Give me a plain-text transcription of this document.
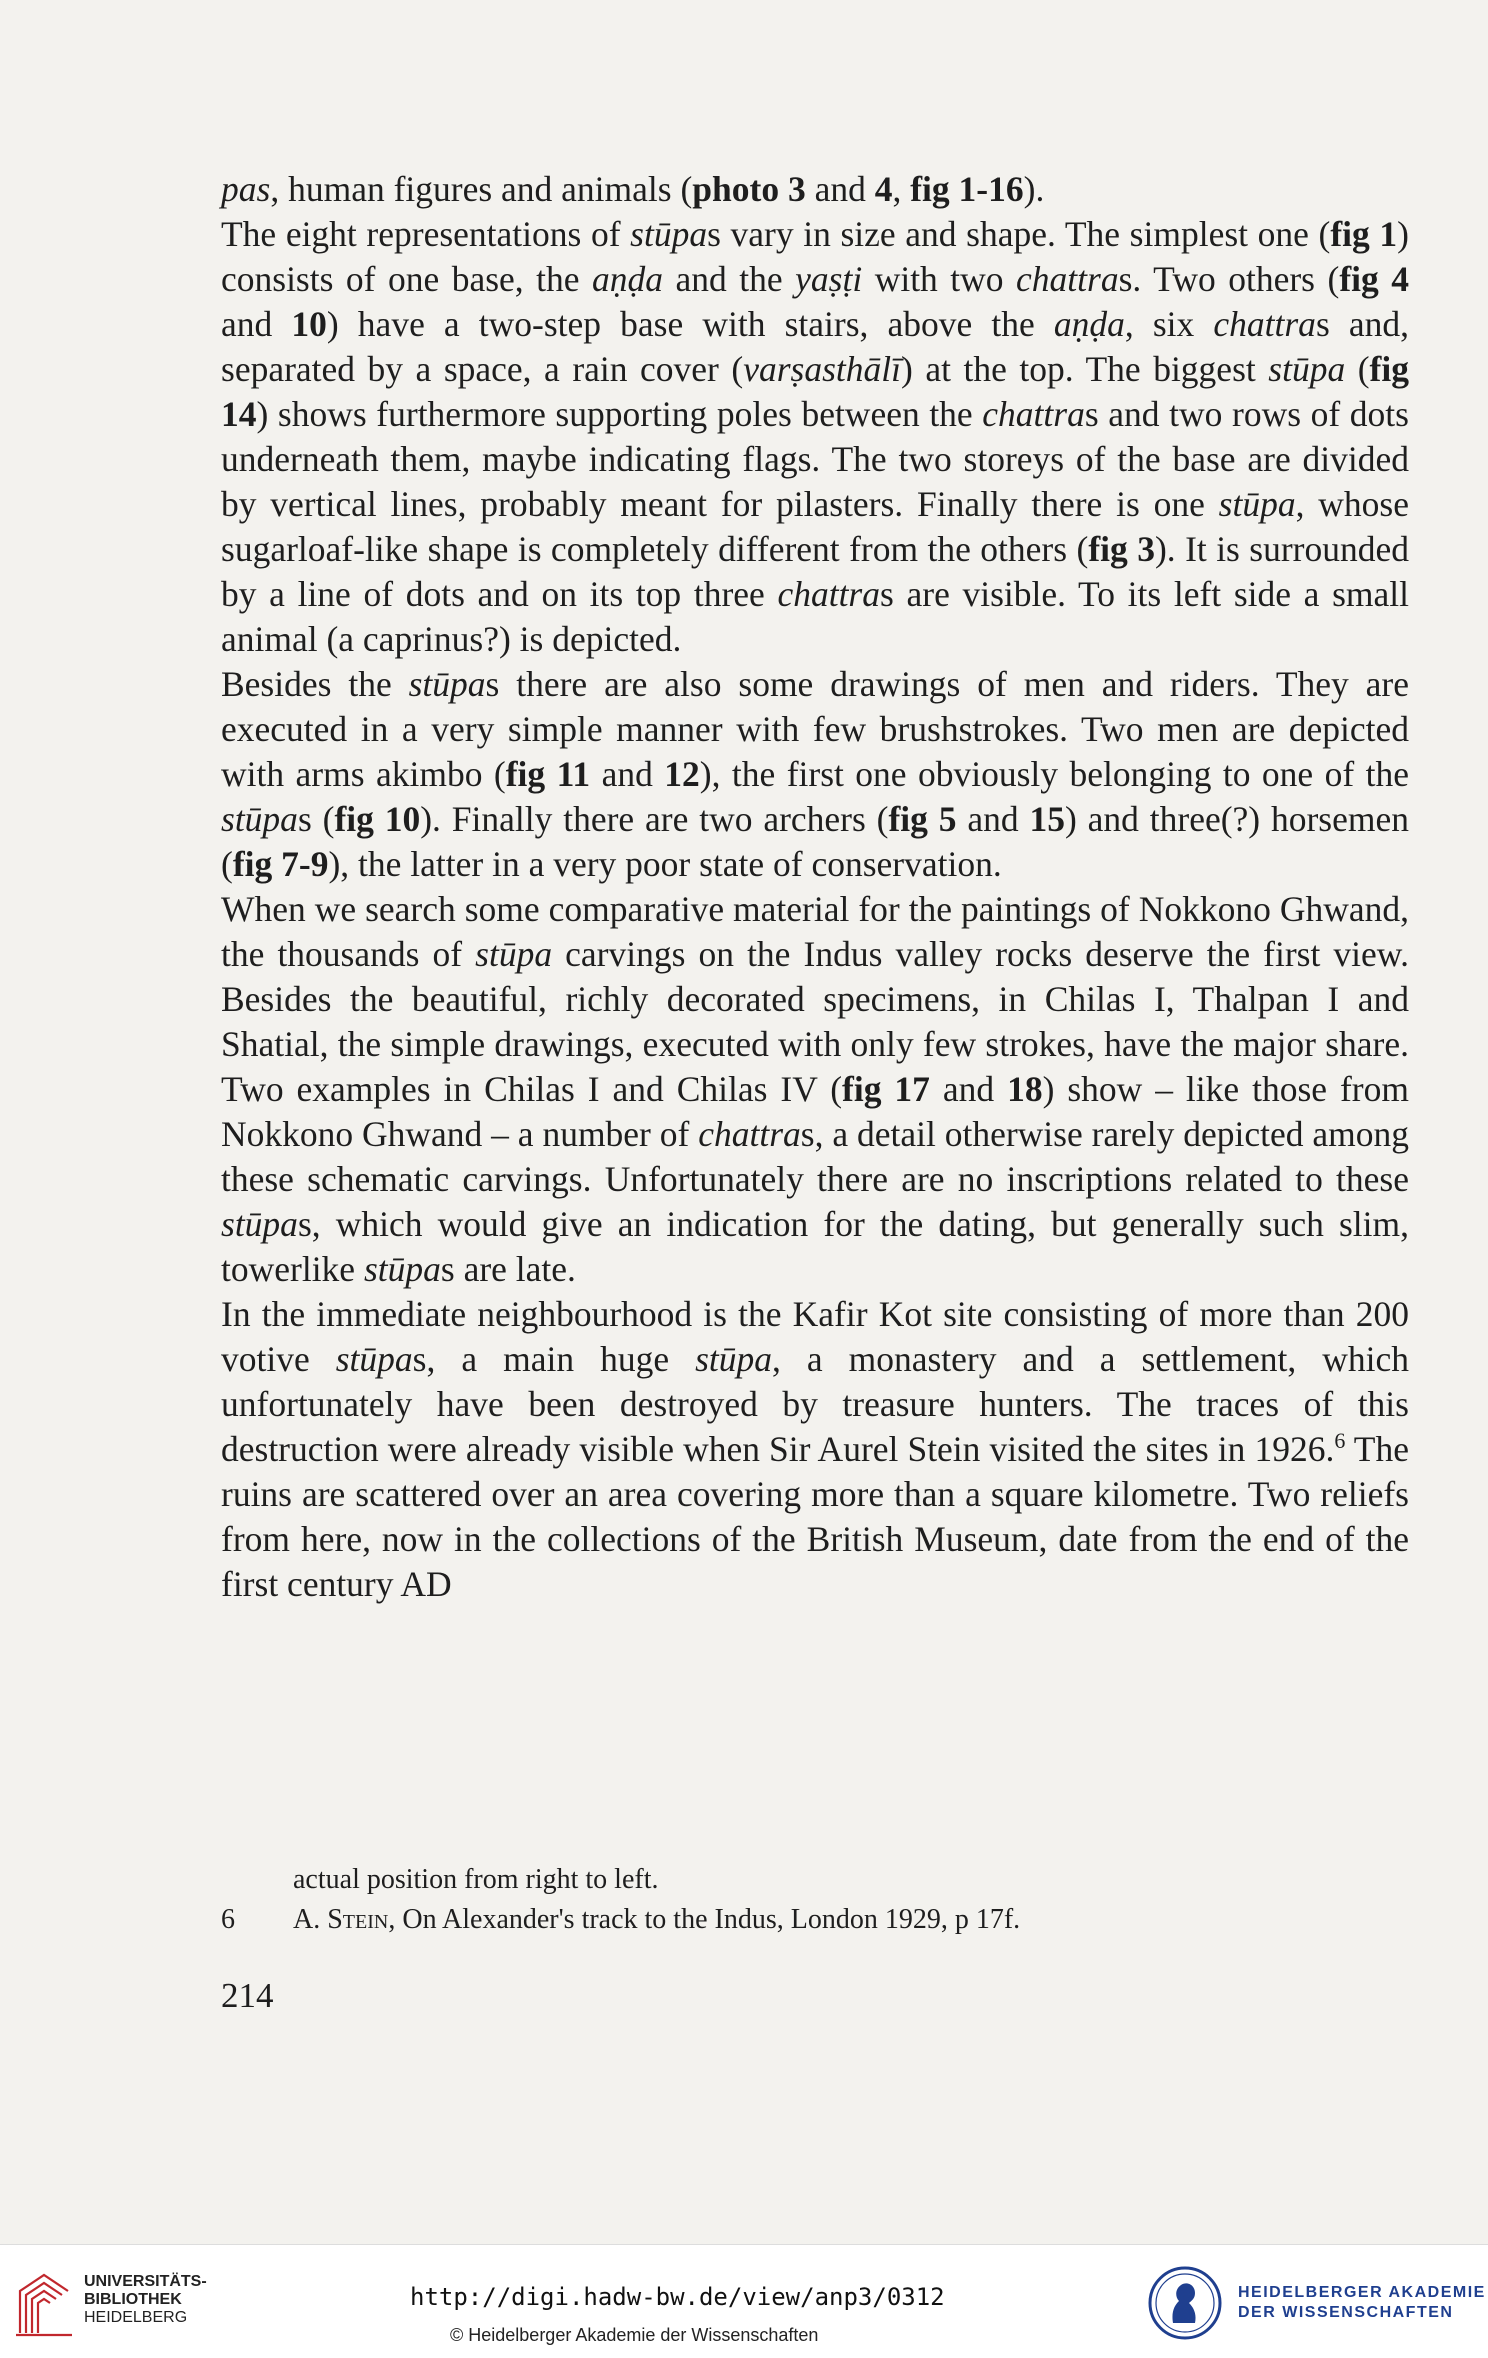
pas, human figures and animals (photo 3 and 4, fig 1-16).

The eight representations of stūpas vary in size and shape. The simplest one (fig 1) consists of one base, the aṇḍa and the yaṣṭi with two chattras. Two others (fig 4 and 10) have a two-step base with stairs, above the aṇḍa, six chattras and, separated by a space, a rain cover (varṣasthālī) at the top. The biggest stūpa (fig 14) shows furthermore supporting poles between the chattras and two rows of dots underneath them, maybe indicating flags. The two storeys of the base are divided by vertical lines, probably meant for pilasters. Finally there is one stūpa, whose sugarloaf-like shape is completely different from the others (fig 3). It is surrounded by a line of dots and on its top three chattras are visible. To its left side a small animal (a caprinus?) is depicted.

Besides the stūpas there are also some drawings of men and riders. They are executed in a very simple manner with few brushstrokes. Two men are depicted with arms akimbo (fig 11 and 12), the first one obviously belonging to one of the stūpas (fig 10). Finally there are two archers (fig 5 and 15) and three(?) horsemen (fig 7-9), the latter in a very poor state of conservation.

When we search some comparative material for the paintings of Nokkono Ghwand, the thousands of stūpa carvings on the Indus valley rocks deserve the first view. Besides the beautiful, richly decorated specimens, in Chilas I, Thalpan I and Shatial, the simple drawings, executed with only few strokes, have the major share. Two examples in Chilas I and Chilas IV (fig 17 and 18) show – like those from Nokkono Ghwand – a number of chattras, a detail otherwise rarely depicted among these schematic carvings. Unfortunately there are no inscriptions related to these stūpas, which would give an indication for the dating, but generally such slim, towerlike stūpas are late.

In the immediate neighbourhood is the Kafir Kot site consisting of more than 200 votive stūpas, a main huge stūpa, a monastery and a settlement, which unfortunately have been destroyed by treasure hunters. The traces of this destruction were already visible when Sir Aurel Stein visited the sites in 1926.$^6$ The ruins are scattered over an area covering more than a square kilometre. Two reliefs from here, now in the collections of the British Museum, date from the end of the first century AD

actual position from right to left.
6 A. Stein, On Alexander's track to the Indus, London 1929, p 17f.
214
UNIVERSITÄTS-
BIBLIOTHEK
HEIDELBERG
http://digi.hadw-bw.de/view/anp3/0312
© Heidelberger Akademie der Wissenschaften
HEIDELBERGER AKADEMIE
DER WISSENSCHAFTEN
